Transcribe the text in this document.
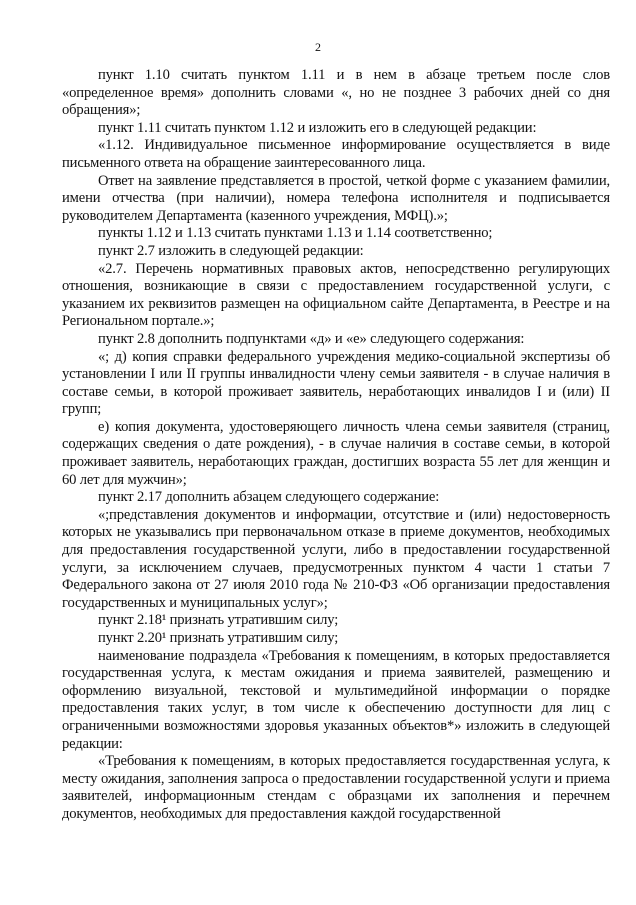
2

пункт 1.10 считать пунктом 1.11 и в нем в абзаце третьем после слов «определенное время» дополнить словами «, но не позднее 3 рабочих дней со дня обращения»;

пункт 1.11 считать пунктом 1.12 и изложить его в следующей редакции:

«1.12. Индивидуальное письменное информирование осуществляется в виде письменного ответа на обращение заинтересованного лица.

Ответ на заявление представляется в простой, четкой форме с указанием фамилии, имени отчества (при наличии), номера телефона исполнителя и подписывается руководителем Департамента (казенного учреждения, МФЦ).»;

пункты 1.12 и 1.13 считать пунктами 1.13 и 1.14 соответственно;

пункт 2.7 изложить в следующей редакции:

«2.7. Перечень нормативных правовых актов, непосредственно регулирующих отношения, возникающие в связи с предоставлением государственной услуги, с указанием их реквизитов размещен на официальном сайте Департамента, в Реестре и на Региональном портале.»;

пункт 2.8 дополнить подпунктами «д» и «е» следующего содержания:

«; д) копия справки федерального учреждения медико-социальной экспертизы об установлении I или II группы инвалидности члену семьи заявителя - в случае наличия в составе семьи, в которой проживает заявитель, неработающих инвалидов I и (или) II групп;

е) копия документа, удостоверяющего личность члена семьи заявителя (страниц, содержащих сведения о дате рождения), - в случае наличия в составе семьи, в которой проживает заявитель, неработающих граждан, достигших возраста 55 лет для женщин и 60 лет для мужчин»;

пункт 2.17 дополнить абзацем следующего содержание:

«;представления документов и информации, отсутствие и (или) недостоверность которых не указывались при первоначальном отказе в приеме документов, необходимых для предоставления государственной услуги, либо в предоставлении государственной услуги, за исключением случаев, предусмотренных пунктом 4 части 1 статьи 7 Федерального закона от 27 июля 2010 года № 210-ФЗ «Об организации предоставления государственных и муниципальных услуг»;

пункт 2.18¹ признать утратившим силу;

пункт 2.20¹ признать утратившим силу;

наименование подраздела «Требования к помещениям, в которых предоставляется государственная услуга, к местам ожидания и приема заявителей, размещению и оформлению визуальной, текстовой и мультимедийной информации о порядке предоставления таких услуг, в том числе к обеспечению доступности для лиц с ограниченными возможностями здоровья указанных объектов*» изложить в следующей редакции:

«Требования к помещениям, в которых предоставляется государственная услуга, к месту ожидания, заполнения запроса о предоставлении государственной услуги и приема заявителей, информационным стендам с образцами их заполнения и перечнем документов, необходимых для предоставления каждой государственной
